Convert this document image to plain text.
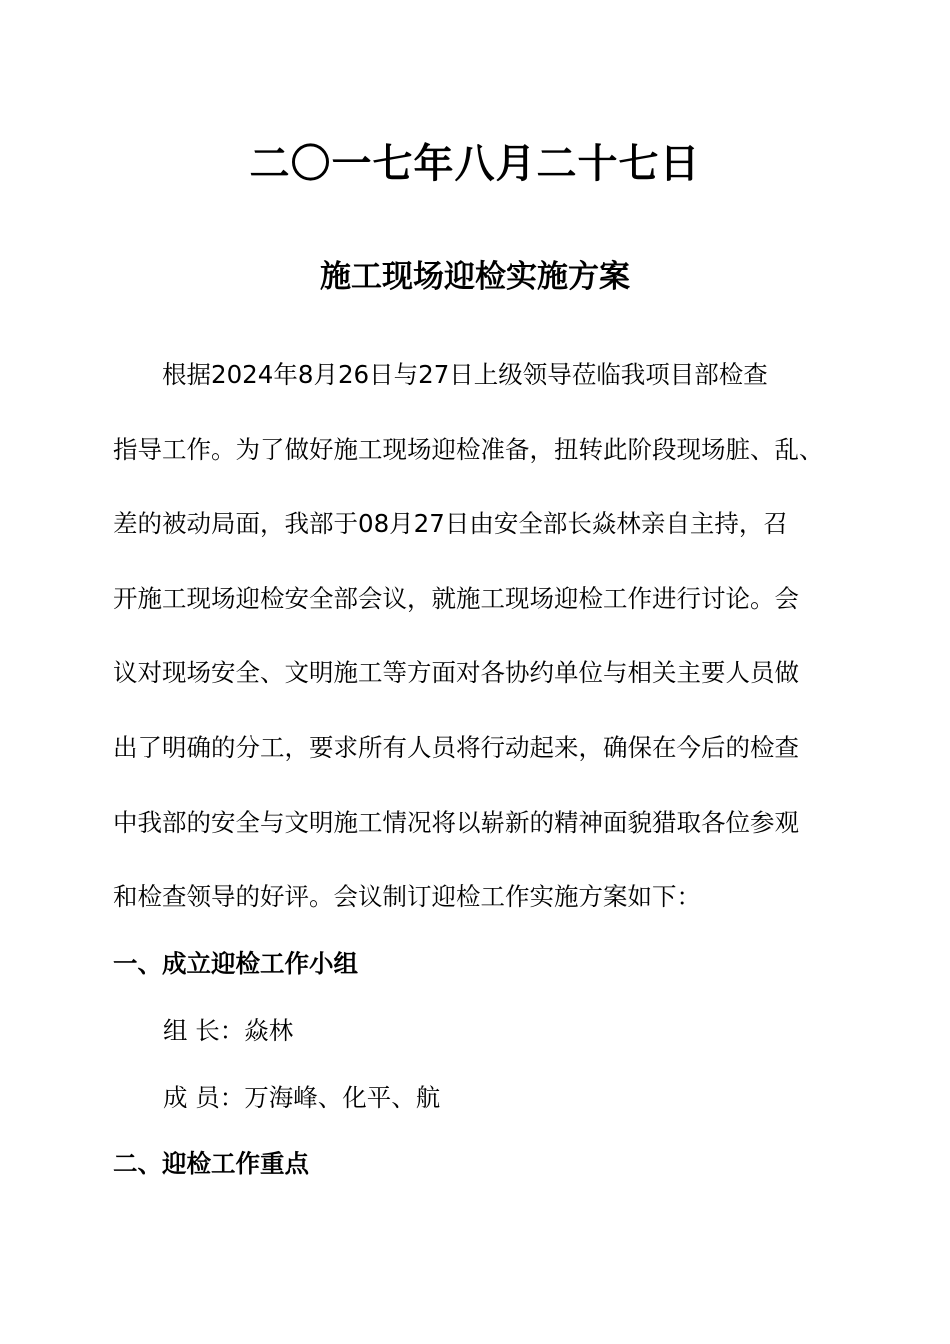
二〇一七年八月二十七日
施工现场迎检实施方案
　　根据2024年8月26日与27日上级领导莅临我项目部检查
指导工作。为了做好施工现场迎检准备，扭转此阶段现场脏、乱、
差的被动局面，我部于08月27日由安全部长焱林亲自主持，召
开施工现场迎检安全部会议，就施工现场迎检工作进行讨论。会
议对现场安全、文明施工等方面对各协约单位与相关主要人员做
出了明确的分工，要求所有人员将行动起来，确保在今后的检查
中我部的安全与文明施工情况将以崭新的精神面貌猎取各位参观
和检查领导的好评。会议制订迎检工作实施方案如下：
一、成立迎检工作小组
组 长：焱林
成 员：万海峰、化平、航
二、迎检工作重点
